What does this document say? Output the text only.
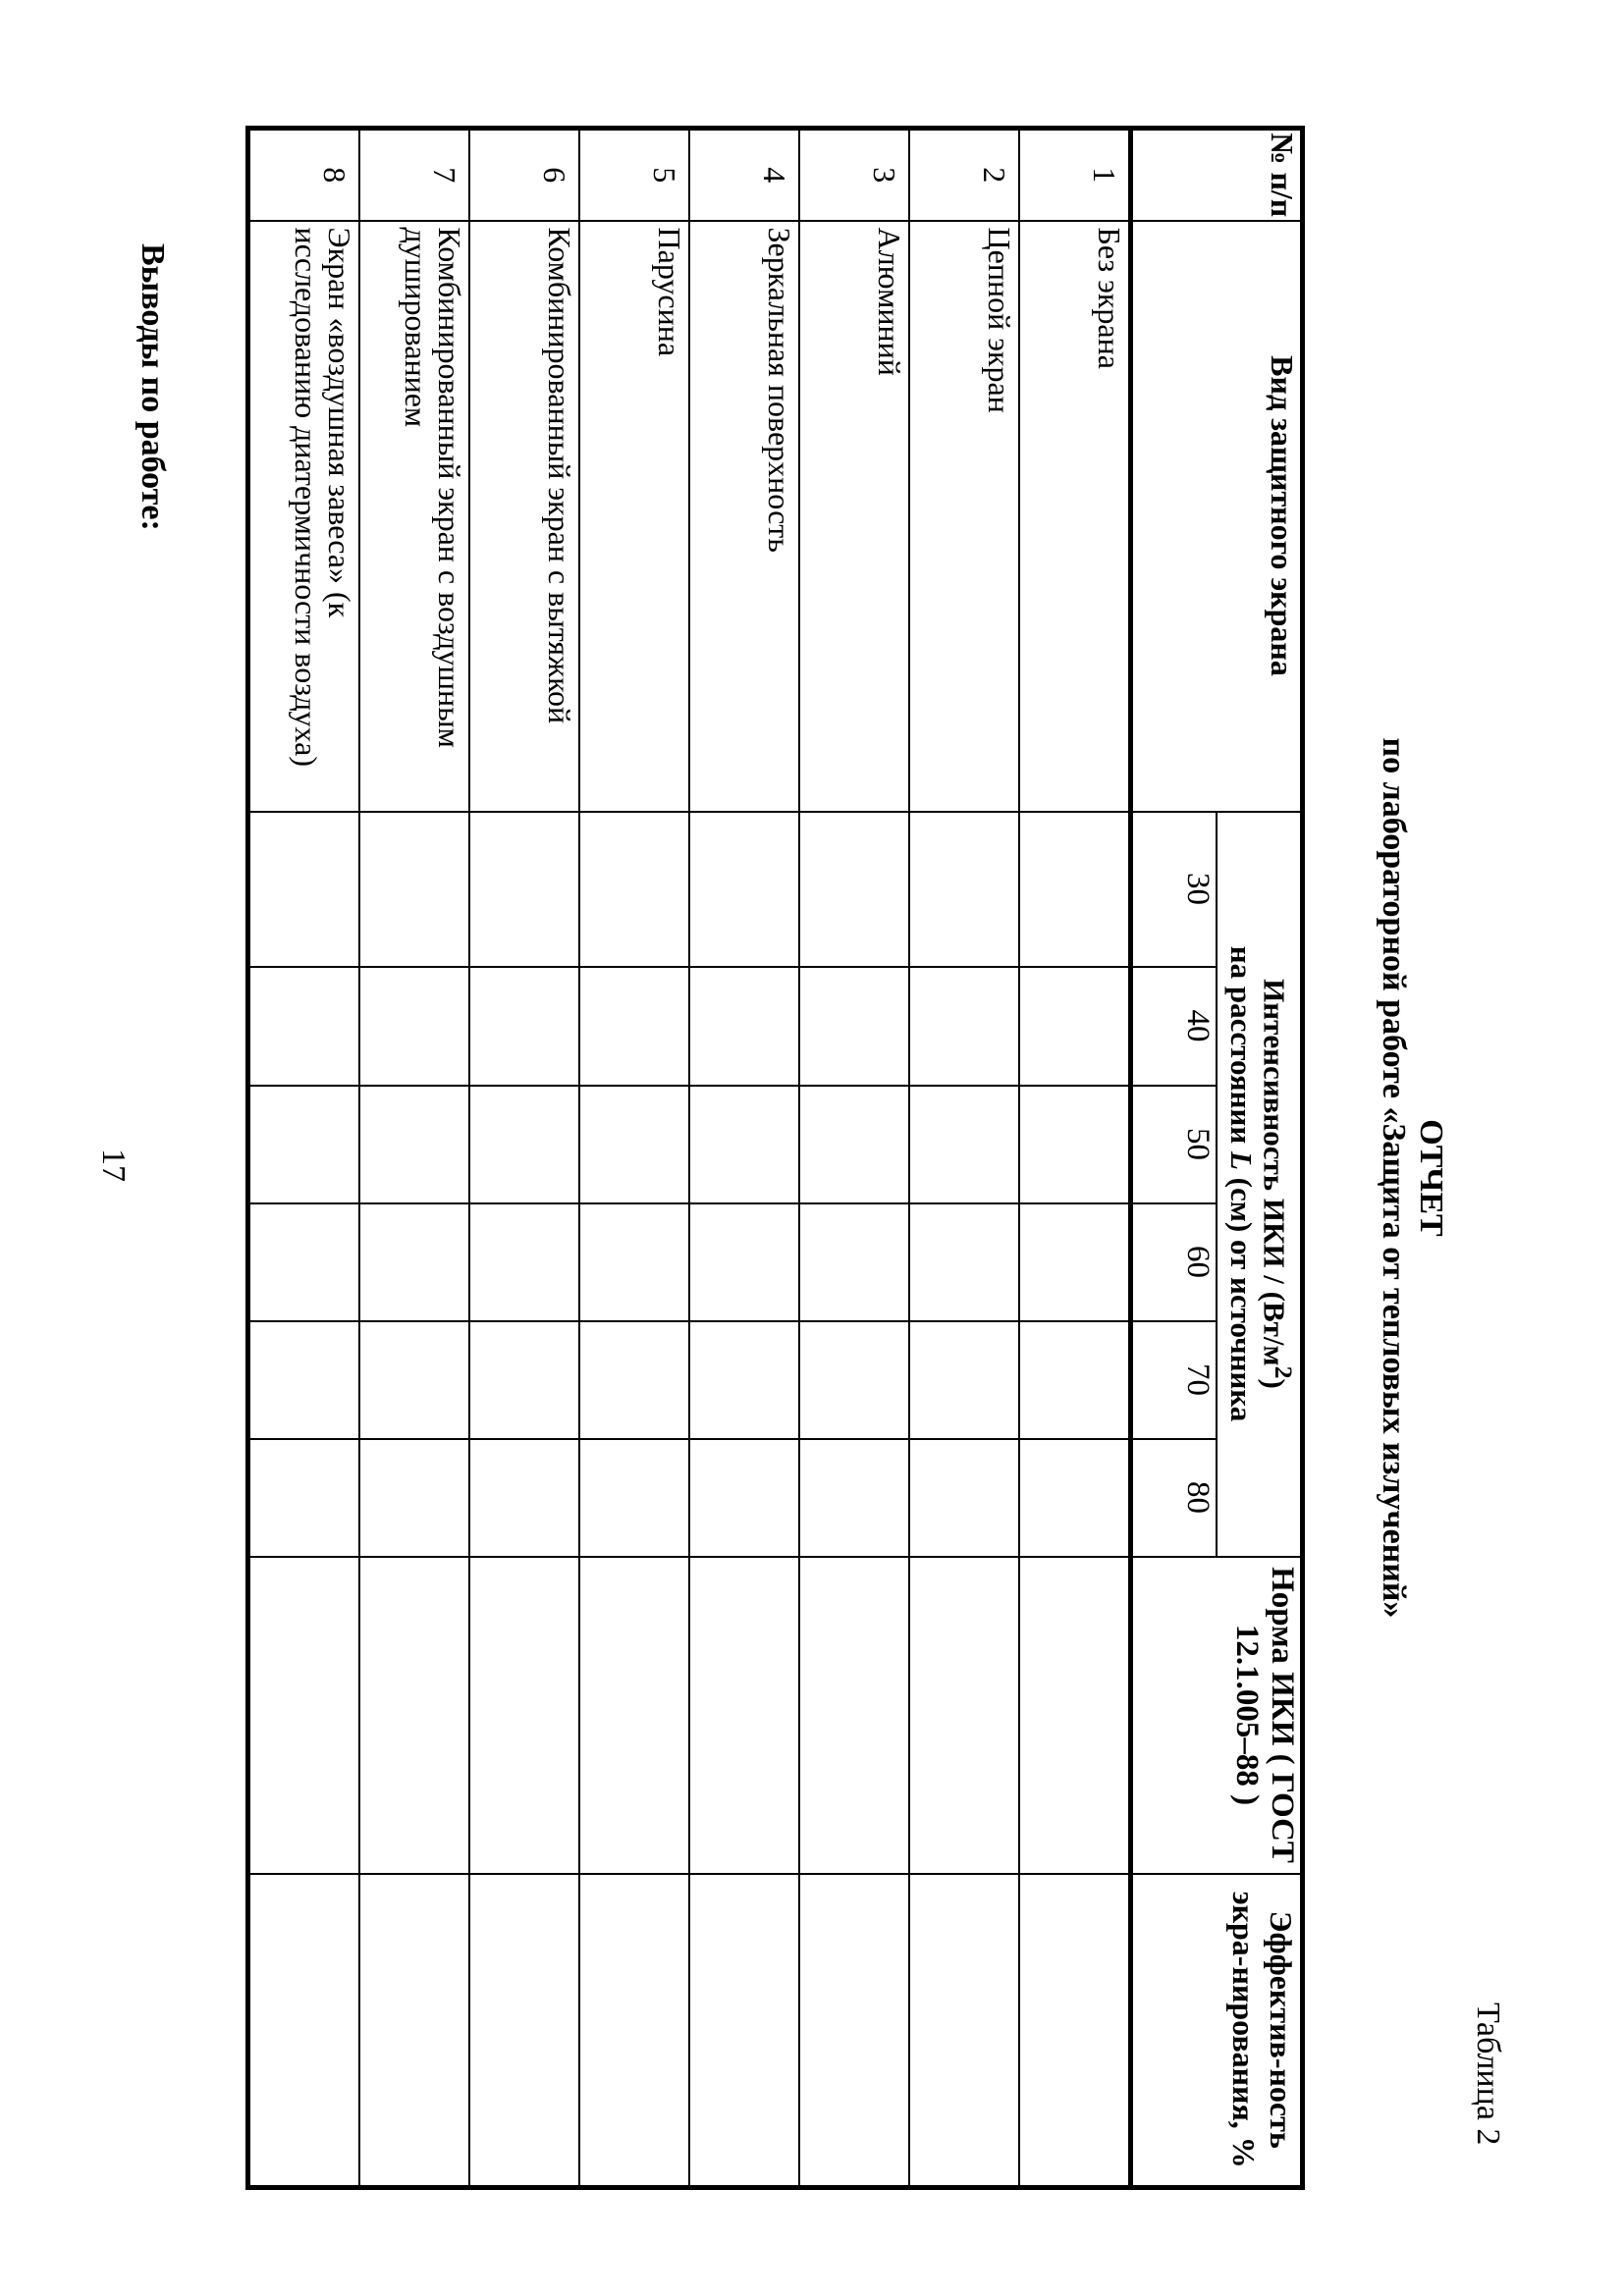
Таблица 2
ОТЧЕТ
по лабораторной работе «Защита от тепловых излучений»
№ п/п	Вид защитного экрана	Интенсивность ИКИ / $(Вт/м^2)$
на расстоянии L (см) от источника						Норма ИКИ ( ГОСТ 12.1.005–88 )	Эффектив-ность экра-нирования, %
		30	40	50	60	70	80		
1	Без экрана								
2	Цепной экран								
3	Алюминий								
4	Зеркальная поверхность								
5	Парусина								
6	Комбинированный экран с вытяжкой								
7	Комбинированный экран с воздушным душированием								
8	Экран «воздушная завеса» (к исследованию диатермичности воздуха)								
Выводы по работе:
17
